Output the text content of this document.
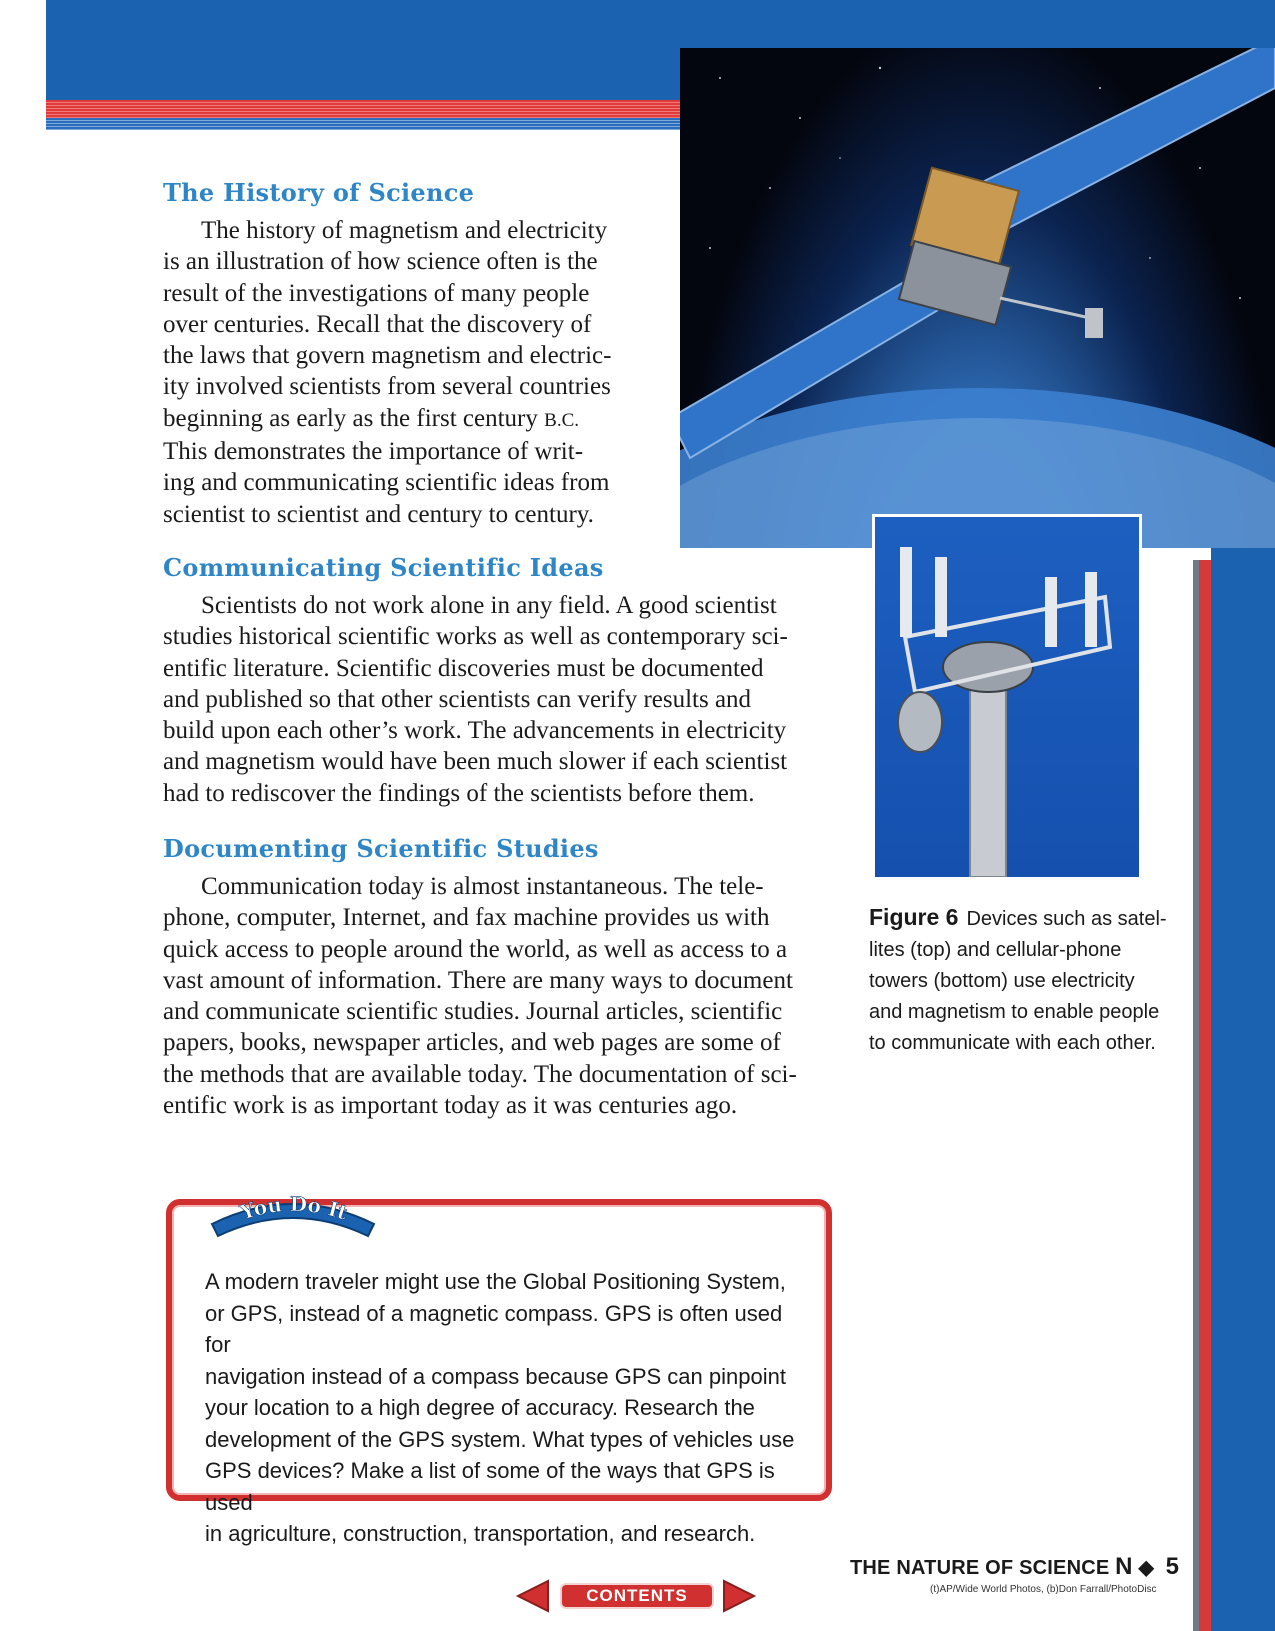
The History of Science

The history of magnetism and electricity
is an illustration of how science often is the
result of the investigations of many people
over centuries. Recall that the discovery of
the laws that govern magnetism and electric-
ity involved scientists from several countries
beginning as early as the first century B.C.
This demonstrates the importance of writ-
ing and communicating scientific ideas from
scientist to scientist and century to century.

Communicating Scientific Ideas

Scientists do not work alone in any field. A good scientist
studies historical scientific works as well as contemporary sci-
entific literature. Scientific discoveries must be documented
and published so that other scientists can verify results and
build upon each other’s work. The advancements in electricity
and magnetism would have been much slower if each scientist
had to rediscover the findings of the scientists before them.

Documenting Scientific Studies

Communication today is almost instantaneous. The tele-
phone, computer, Internet, and fax machine provides us with
quick access to people around the world, as well as access to a
vast amount of information. There are many ways to document
and communicate scientific studies. Journal articles, scientific
papers, books, newspaper articles, and web pages are some of
the methods that are available today. The documentation of sci-
entific work is as important today as it was centuries ago.

Figure 6 Devices such as satel-
lites (top) and cellular-phone
towers (bottom) use electricity
and magnetism to enable people
to communicate with each other.
You Do It

A modern traveler might use the Global Positioning System,
or GPS, instead of a magnetic compass. GPS is often used for
navigation instead of a compass because GPS can pinpoint
your location to a high degree of accuracy. Research the
development of the GPS system. What types of vehicles use
GPS devices? Make a list of some of the ways that GPS is used
in agriculture, construction, transportation, and research.

CONTENTS

THE NATURE OF SCIENCE N ◆ 5

(t)AP/Wide World Photos, (b)Don Farrall/PhotoDisc
